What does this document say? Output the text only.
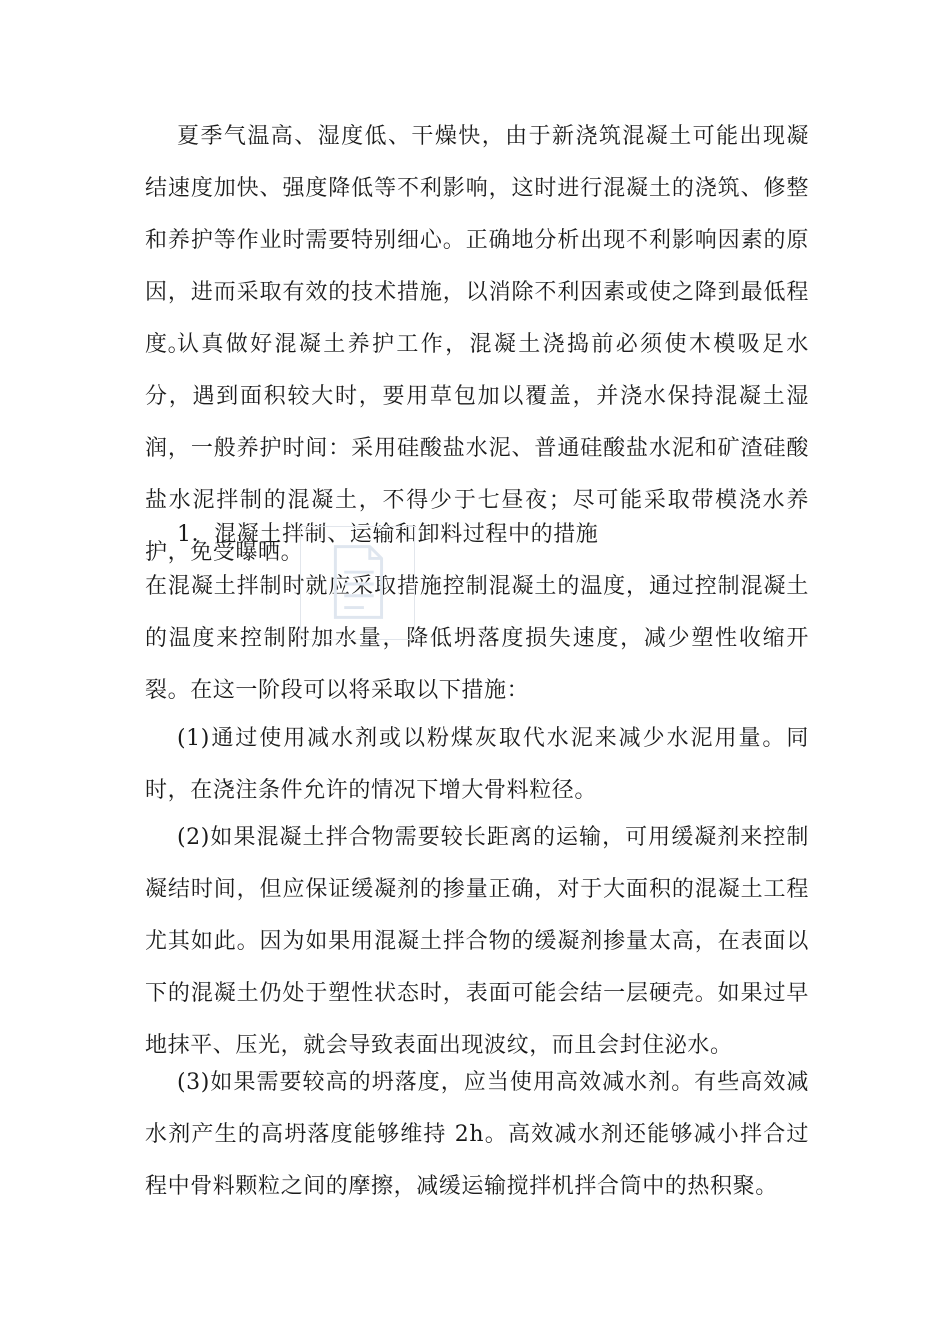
夏季气温高、湿度低、干燥快，由于新浇筑混凝土可能出现凝结速度加快、强度降低等不利影响，这时进行混凝土的浇筑、修整和养护等作业时需要特别细心。正确地分析出现不利影响因素的原因，进而采取有效的技术措施，以消除不利因素或使之降到最低程度。

认真做好混凝土养护工作，混凝土浇捣前必须使木模吸足水分，遇到面积较大时，要用草包加以覆盖，并浇水保持混凝土湿润，一般养护时间：采用硅酸盐水泥、普通硅酸盐水泥和矿渣硅酸盐水泥拌制的混凝土，不得少于七昼夜；尽可能采取带模浇水养护，免受曝晒。

1．混凝土拌制、运输和卸料过程中的措施

在混凝土拌制时就应采取措施控制混凝土的温度，通过控制混凝土的温度来控制附加水量，降低坍落度损失速度，减少塑性收缩开裂。在这一阶段可以将采取以下措施：

(1)通过使用减水剂或以粉煤灰取代水泥来减少水泥用量。同时，在浇注条件允许的情况下增大骨料粒径。

(2)如果混凝土拌合物需要较长距离的运输，可用缓凝剂来控制凝结时间，但应保证缓凝剂的掺量正确，对于大面积的混凝土工程尤其如此。因为如果用混凝土拌合物的缓凝剂掺量太高，在表面以下的混凝土仍处于塑性状态时，表面可能会结一层硬壳。如果过早地抹平、压光，就会导致表面出现波纹，而且会封住泌水。

(3)如果需要较高的坍落度，应当使用高效减水剂。有些高效减水剂产生的高坍落度能够维持 2h。高效减水剂还能够减小拌合过程中骨料颗粒之间的摩擦，减缓运输搅拌机拌合筒中的热积聚。
